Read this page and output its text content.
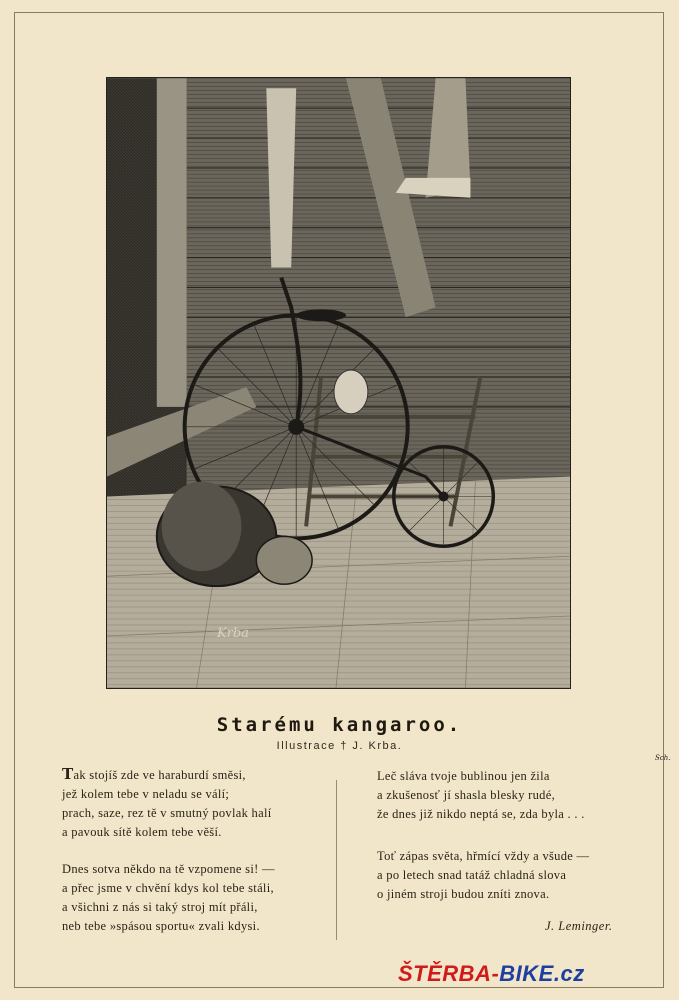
Krba
Sch.
Starému kangaroo.
Illustrace † J. Krba.
Tak stojíš zde ve haraburdí směsi,
jež kolem tebe v neladu se válí;
prach, saze, rez tě v smutný povlak halí
a pavouk sítě kolem tebe věší.
Dnes sotva někdo na tě vzpomene si! —
a přec jsme v chvění kdys kol tebe stáli,
a všichni z nás si taký stroj mít přáli,
neb tebe »spásou sportu« zvali kdysi.
Leč sláva tvoje bublinou jen žila
a zkušenosť jí shasla blesky rudé,
že dnes již nikdo neptá se, zda byla . . .
Toť zápas světa, hřmící vždy a všude —
a po letech snad tatáž chladná slova
o jiném stroji budou zníti znova.
J. Leminger.
ŠTĚRBA-BIKE.cz
